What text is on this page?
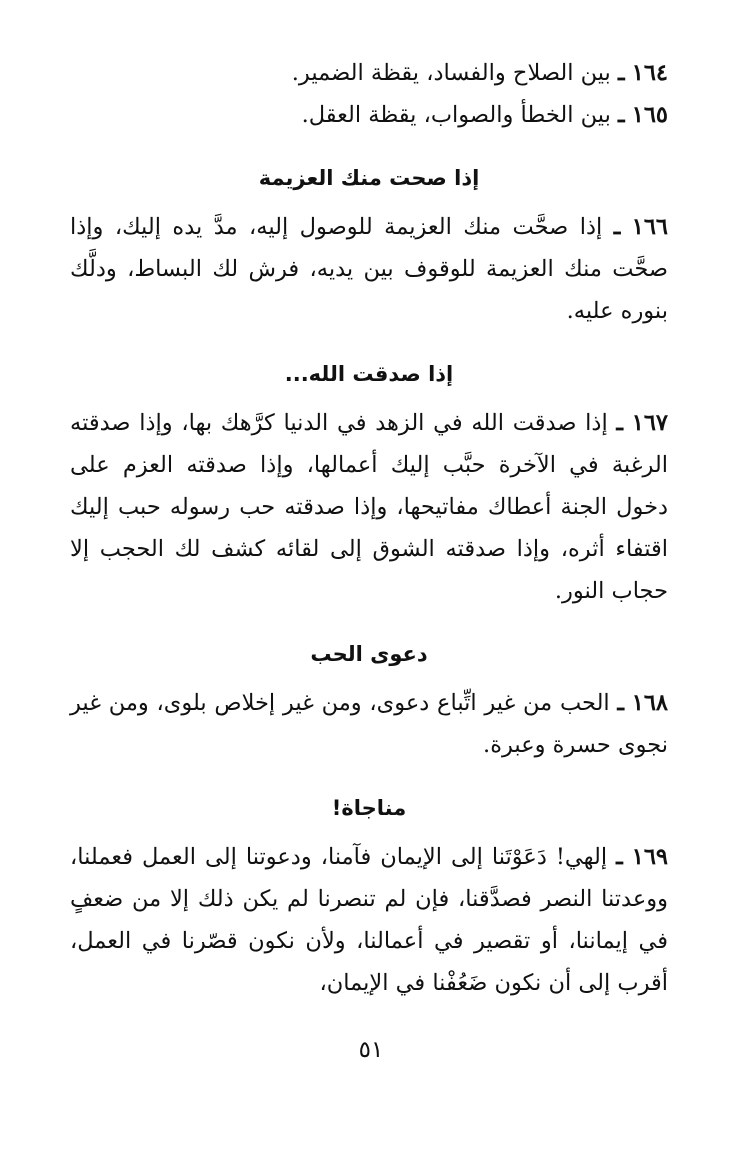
١٦٤ ـ بين الصلاح والفساد، يقظة الضمير.

١٦٥ ـ بين الخطأ والصواب، يقظة العقل.

إذا صحت منك العزيمة

١٦٦ ـ إذا صحَّت منك العزيمة للوصول إليه، مدَّ يده إليك، وإذا صحَّت منك العزيمة للوقوف بين يديه، فرش لك البساط، ودلَّك بنوره عليه.

إذا صدقت الله...

١٦٧ ـ إذا صدقت الله في الزهد في الدنيا كرَّهك بها، وإذا صدقته الرغبة في الآخرة حبَّب إليك أعمالها، وإذا صدقته العزم على دخول الجنة أعطاك مفاتيحها، وإذا صدقته حب رسوله حبب إليك اقتفاء أثره، وإذا صدقته الشوق إلى لقائه كشف لك الحجب إلا حجاب النور.

دعوى الحب

١٦٨ ـ الحب من غير اتِّباع دعوى، ومن غير إخلاص بلوى، ومن غير نجوى حسرة وعبرة.

مناجاة!

١٦٩ ـ إلهي! دَعَوْتَنا إلى الإيمان فآمنا، ودعوتنا إلى العمل فعملنا، ووعدتنا النصر فصدَّقنا، فإن لم تنصرنا لم يكن ذلك إلا من ضعفٍ في إيماننا، أو تقصير في أعمالنا، ولأن نكون قصّرنا في العمل، أقرب إلى أن نكون ضَعُفْنا في الإيمان،

٥١
